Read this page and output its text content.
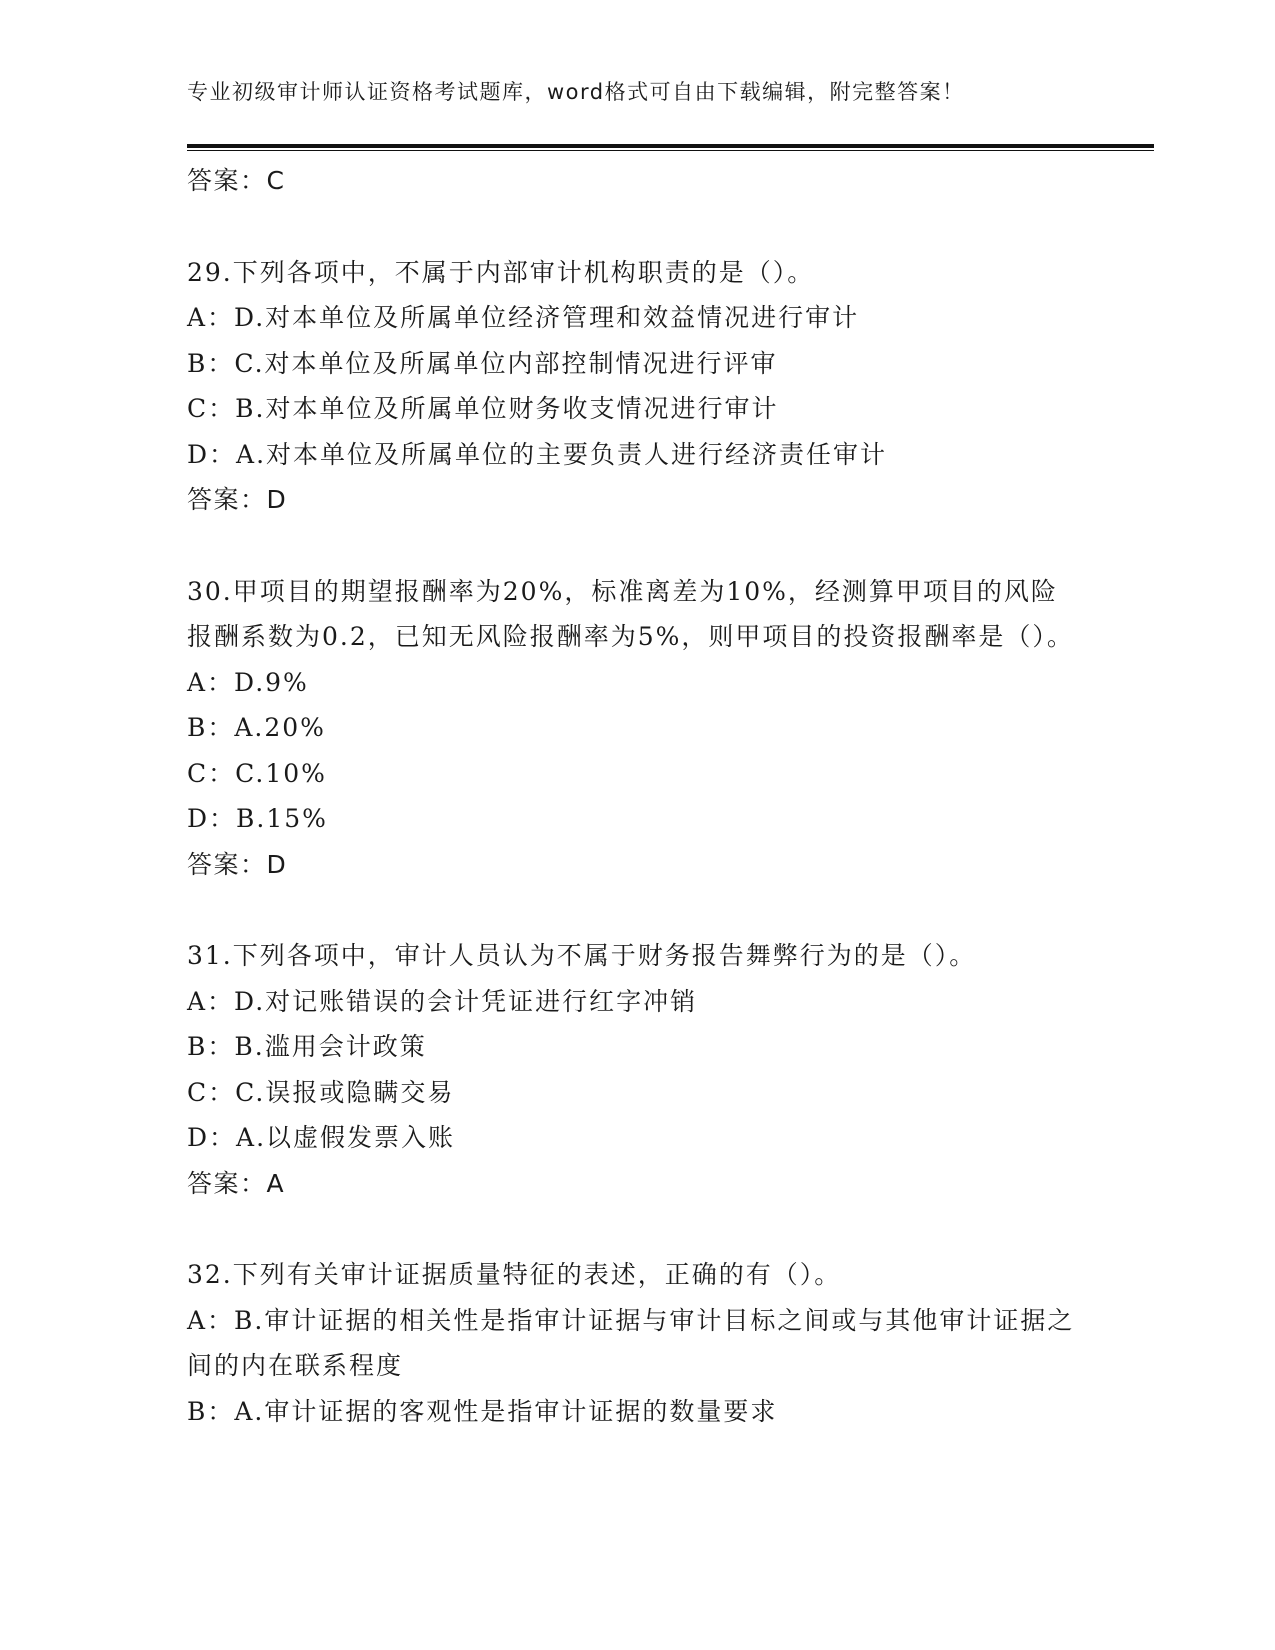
专业初级审计师认证资格考试题库，word格式可自由下载编辑，附完整答案！
答案：C
29.下列各项中，不属于内部审计机构职责的是（）。
A：D.对本单位及所属单位经济管理和效益情况进行审计
B：C.对本单位及所属单位内部控制情况进行评审
C：B.对本单位及所属单位财务收支情况进行审计
D：A.对本单位及所属单位的主要负责人进行经济责任审计
答案：D
30.甲项目的期望报酬率为20%，标准离差为10%，经测算甲项目的风险报酬系数为0.2，已知无风险报酬率为5%，则甲项目的投资报酬率是（）。
A：D.9%
B：A.20%
C：C.10%
D：B.15%
答案：D
31.下列各项中，审计人员认为不属于财务报告舞弊行为的是（）。
A：D.对记账错误的会计凭证进行红字冲销
B：B.滥用会计政策
C：C.误报或隐瞒交易
D：A.以虚假发票入账
答案：A
32.下列有关审计证据质量特征的表述，正确的有（）。
A：B.审计证据的相关性是指审计证据与审计目标之间或与其他审计证据之间的内在联系程度
B：A.审计证据的客观性是指审计证据的数量要求
